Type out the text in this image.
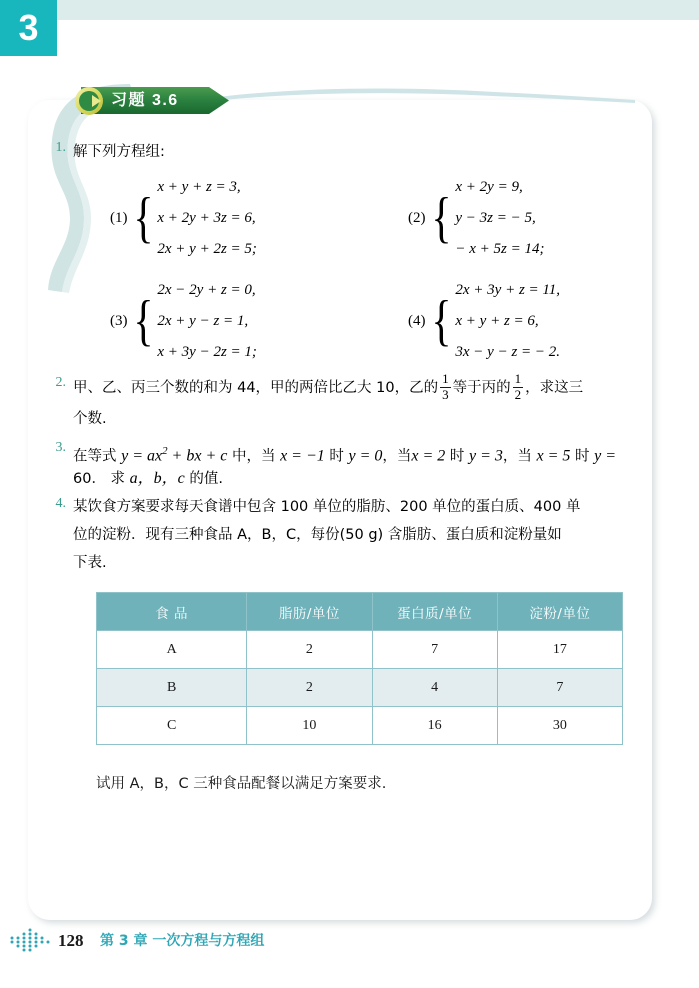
3
习题 3.6
1. 解下列方程组:
(1) { x + y + z = 3,
x + 2y + 3z = 6,
2x + y + 2z = 5;
(2) { x + 2y = 9,
y − 3z = − 5,
− x + 5z = 14;
(3) { 2x − 2y + z = 0,
2x + y − z = 1,
x + 3y − 2z = 1;
(4) { 2x + 3y + z = 11,
x + y + z = 6,
3x − y − z = − 2.
2. 甲、乙、丙三个数的和为 44，甲的两倍比乙大 10，乙的 $\frac{1}{3}$ 等于丙的 $\frac{1}{2}$ ，求这三
个数.
3.
在等式 $y = ax^2$ + bx + c 中，当 x = −1 时 y = 0，当x = 2 时 y = 3，当 x = 5 时 y =
60． 求 a，b，c 的值.
4. 某饮食方案要求每天食谱中包含 100 单位的脂肪、200 单位的蛋白质、400 单
位的淀粉．现有三种食品 A，B，C，每份(50 g) 含脂肪、蛋白质和淀粉量如
下表.
食 品	脂肪/单位	蛋白质/单位	淀粉/单位
A	2	7	17
B	2	4	7
C	10	16	30
试用 A，B，C 三种食品配餐以满足方案要求.
128 第 3 章 一次方程与方程组
